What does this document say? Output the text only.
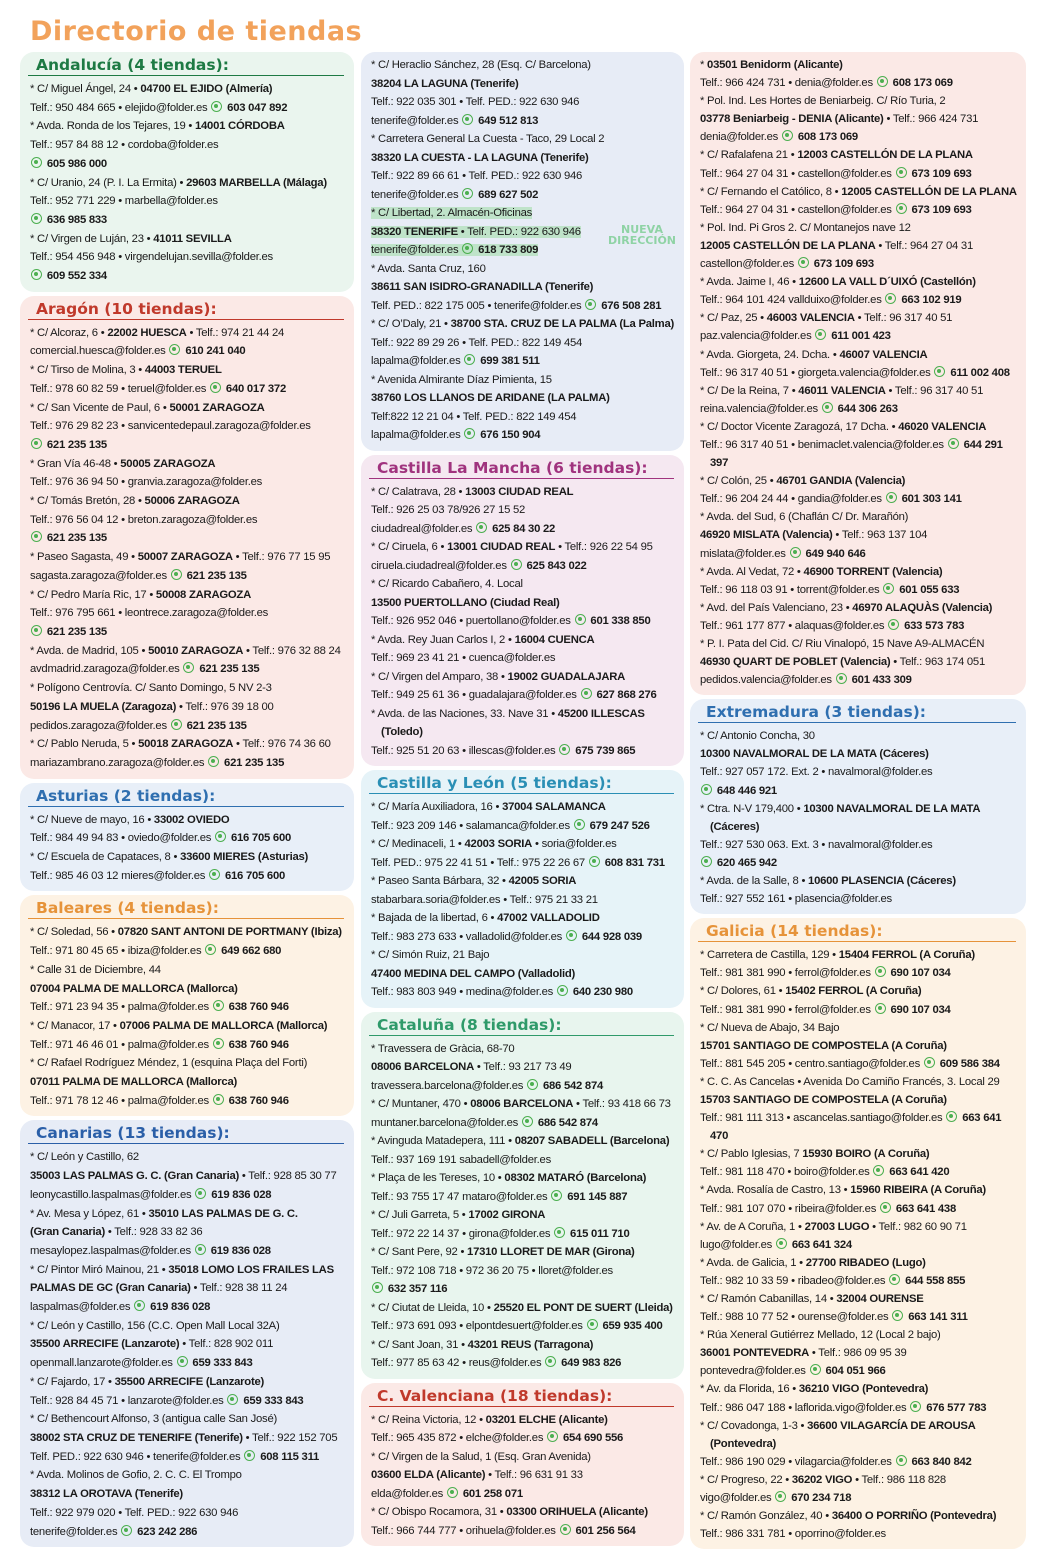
Directorio de tiendas
Andalucía (4 tiendas):
* C/ Miguel Ángel, 24 • 04700 EL EJIDO (Almería)
Telf.: 950 484 665 • elejido@folder.es  603 047 892
* Avda. Ronda de los Tejares, 19 • 14001 CÓRDOBA
Telf.: 957 84 88 12 • cordoba@folder.es
605 986 000
* C/ Uranio, 24 (P. I. La Ermita) • 29603 MARBELLA (Málaga)
Telf.: 952 771 229 • marbella@folder.es
636 985 833
* C/ Virgen de Luján, 23 • 41011 SEVILLA
Telf.: 954 456 948 • virgendelujan.sevilla@folder.es
609 552 334
Aragón (10 tiendas):
* C/ Alcoraz, 6 • 22002 HUESCA • Telf.: 974 21 44 24
comercial.huesca@folder.es  610 241 040
* C/ Tirso de Molina, 3 • 44003 TERUEL
Telf.: 978 60 82 59 • teruel@folder.es  640 017 372
* C/ San Vicente de Paul, 6 • 50001 ZARAGOZA
Telf.: 976 29 82 23 • sanvicentedepaul.zaragoza@folder.es
621 235 135
* Gran Vía 46-48 • 50005 ZARAGOZA
Telf.: 976 36 94 50 • granvia.zaragoza@folder.es
* C/ Tomás Bretón, 28 • 50006 ZARAGOZA
Telf.: 976 56 04 12 • breton.zaragoza@folder.es
621 235 135
* Paseo Sagasta, 49 • 50007 ZARAGOZA • Telf.: 976 77 15 95
sagasta.zaragoza@folder.es  621 235 135
* C/ Pedro María Ric, 17 • 50008 ZARAGOZA
Telf.: 976 795 661 • leontrece.zaragoza@folder.es
621 235 135
* Avda. de Madrid, 105 • 50010 ZARAGOZA • Telf.: 976 32 88 24
avdmadrid.zaragoza@folder.es  621 235 135
* Polígono Centrovía. C/ Santo Domingo, 5 NV 2-3
50196 LA MUELA (Zaragoza) • Telf.: 976 39 18 00
pedidos.zaragoza@folder.es  621 235 135
* C/ Pablo Neruda, 5 • 50018 ZARAGOZA • Telf.: 976 74 36 60
mariazambrano.zaragoza@folder.es  621 235 135
Asturias (2 tiendas):
* C/ Nueve de mayo, 16 • 33002 OVIEDO
Telf.: 984 49 94 83 • oviedo@folder.es  616 705 600
* C/ Escuela de Capataces, 8 • 33600 MIERES (Asturias)
Telf.: 985 46 03 12 mieres@folder.es  616 705 600
Baleares (4 tiendas):
* C/ Soledad, 56 • 07820 SANT ANTONI DE PORTMANY (Ibiza)
Telf.: 971 80 45 65 • ibiza@folder.es  649 662 680
* Calle 31 de Diciembre, 44
07004 PALMA DE MALLORCA (Mallorca)
Telf.: 971 23 94 35 • palma@folder.es  638 760 946
* C/ Manacor, 17 • 07006 PALMA DE MALLORCA (Mallorca)
Telf.: 971 46 46 01 • palma@folder.es  638 760 946
* C/ Rafael Rodríguez Méndez, 1 (esquina Plaça del Forti)
07011 PALMA DE MALLORCA (Mallorca)
Telf.: 971 78 12 46 • palma@folder.es  638 760 946
Canarias (13 tiendas):
* C/ León y Castillo, 62
35003 LAS PALMAS G. C. (Gran Canaria) • Telf.: 928 85 30 77
leonycastillo.laspalmas@folder.es  619 836 028
* Av. Mesa y López, 61 • 35010 LAS PALMAS DE G. C.
(Gran Canaria) • Telf.: 928 33 82 36
mesaylopez.laspalmas@folder.es  619 836 028
* C/ Pintor Miró Mainou, 21 • 35018 LOMO LOS FRAILES LAS
PALMAS DE GC (Gran Canaria) • Telf.: 928 38 11 24
laspalmas@folder.es  619 836 028
* C/ León y Castillo, 156 (C.C. Open Mall Local 32A)
35500 ARRECIFE (Lanzarote) • Telf.: 828 902 011
openmall.lanzarote@folder.es  659 333 843
* C/ Fajardo, 17 • 35500 ARRECIFE (Lanzarote)
Telf.: 928 84 45 71 • lanzarote@folder.es  659 333 843
* C/ Bethencourt Alfonso, 3 (antigua calle San José)
38002 STA CRUZ DE TENERIFE (Tenerife) • Telf.: 922 152 705
Telf. PED.: 922 630 946 • tenerife@folder.es  608 115 311
* Avda. Molinos de Gofio, 2. C. C. El Trompo
38312 LA OROTAVA (Tenerife)
Telf.: 922 979 020 • Telf. PED.: 922 630 946
tenerife@folder.es  623 242 286
* C/ Heraclio Sánchez, 28 (Esq. C/ Barcelona)
38204 LA LAGUNA (Tenerife)
Telf.: 922 035 301 • Telf. PED.: 922 630 946
tenerife@folder.es  649 512 813
* Carretera General La Cuesta - Taco, 29 Local 2
38320 LA CUESTA - LA LAGUNA (Tenerife)
Telf.: 922 89 66 61 • Telf. PED.: 922 630 946
tenerife@folder.es  689 627 502
* C/ Libertad, 2. Almacén-Oficinas
38320 TENERIFE • Telf. PED.: 922 630 946
tenerife@folder.es  618 733 809
* Avda. Santa Cruz, 160
38611 SAN ISIDRO-GRANADILLA (Tenerife)
Telf. PED.: 822 175 005 • tenerife@folder.es  676 508 281
* C/ O’Daly, 21 • 38700 STA. CRUZ DE LA PALMA (La Palma)
Telf.: 922 89 29 26 • Telf. PED.: 822 149 454
lapalma@folder.es  699 381 511
* Avenida Almirante Díaz Pimienta, 15
38760 LOS LLANOS DE ARIDANE (LA PALMA)
Telf:822 12 21 04 • Telf. PED.: 822 149 454
lapalma@folder.es  676 150 904
Castilla La Mancha (6 tiendas):
* C/ Calatrava, 28 • 13003 CIUDAD REAL
Telf.: 926 25 03 78/926 27 15 52
ciudadreal@folder.es  625 84 30 22
* C/ Ciruela, 6 • 13001 CIUDAD REAL • Telf.: 926 22 54 95
ciruela.ciudadreal@folder.es  625 843 022
* C/ Ricardo Cabañero, 4. Local
13500 PUERTOLLANO (Ciudad Real)
Telf.: 926 952 046 • puertollano@folder.es  601 338 850
* Avda. Rey Juan Carlos I, 2 • 16004 CUENCA
Telf.: 969 23 41 21 • cuenca@folder.es
* C/ Virgen del Amparo, 38 • 19002 GUADALAJARA
Telf.: 949 25 61 36 • guadalajara@folder.es  627 868 276
* Avda. de las Naciones, 33. Nave 31 • 45200 ILLESCAS (Toledo)
Telf.: 925 51 20 63 • illescas@folder.es  675 739 865
Castilla y León (5 tiendas):
* C/ María Auxiliadora, 16 • 37004 SALAMANCA
Telf.: 923 209 146 • salamanca@folder.es  679 247 526
* C/ Medinaceli, 1 • 42003 SORIA • soria@folder.es
Telf. PED.: 975 22 41 51 • Telf.: 975 22 26 67  608 831 731
* Paseo Santa Bárbara, 32 • 42005 SORIA
stabarbara.soria@folder.es • Telf.: 975 21 33 21
* Bajada de la libertad, 6 • 47002 VALLADOLID
Telf.: 983 273 633 • valladolid@folder.es  644 928 039
* C/ Simón Ruiz, 21 Bajo
47400 MEDINA DEL CAMPO (Valladolid)
Telf.: 983 803 949 • medina@folder.es  640 230 980
Cataluña (8 tiendas):
* Travessera de Gràcia, 68-70
08006 BARCELONA • Telf.: 93 217 73 49
travessera.barcelona@folder.es  686 542 874
* C/ Muntaner, 470 • 08006 BARCELONA • Telf.: 93 418 66 73
muntaner.barcelona@folder.es  686 542 874
* Avinguda Matadepera, 111 • 08207 SABADELL (Barcelona)
Telf.: 937 169 191 sabadell@folder.es
* Plaça de les Tereses, 10 • 08302 MATARÓ (Barcelona)
Telf.: 93 755 17 47 mataro@folder.es  691 145 887
* C/ Juli Garreta, 5 • 17002 GIRONA
Telf.: 972 22 14 37 • girona@folder.es  615 011 710
* C/ Sant Pere, 92 • 17310 LLORET DE MAR (Girona)
Telf.: 972 108 718 • 972 36 20 75 • lloret@folder.es
632 357 116
* C/ Ciutat de Lleida, 10 • 25520 EL PONT DE SUERT (Lleida)
Telf.: 973 691 093 • elpontdesuert@folder.es  659 935 400
* C/ Sant Joan, 31 • 43201 REUS (Tarragona)
Telf.: 977 85 63 42 • reus@folder.es  649 983 826
C. Valenciana (18 tiendas):
* C/ Reina Victoria, 12 • 03201 ELCHE (Alicante)
Telf.: 965 435 872 • elche@folder.es  654 690 556
* C/ Virgen de la Salud, 1 (Esq. Gran Avenida)
03600 ELDA (Alicante) • Telf.: 96 631 91 33
elda@folder.es  601 258 071
* C/ Obispo Rocamora, 31 • 03300 ORIHUELA (Alicante)
Telf.: 966 744 777 • orihuela@folder.es  601 256 564
* 03501 Benidorm (Alicante)
Telf.: 966 424 731 • denia@folder.es  608 173 069
* Pol. Ind. Les Hortes de Beniarbeig. C/ Río Turia, 2
03778 Beniarbeig - DENIA (Alicante) • Telf.: 966 424 731
denia@folder.es  608 173 069
* C/ Rafalafena 21 • 12003 CASTELLÓN DE LA PLANA
Telf.: 964 27 04 31 • castellon@folder.es  673 109 693
* C/ Fernando el Católico, 8 • 12005 CASTELLÓN DE LA PLANA
Telf.: 964 27 04 31 • castellon@folder.es  673 109 693
* Pol. Ind. Pi Gros 2. C/ Montanejos nave 12
12005 CASTELLÓN DE LA PLANA • Telf.: 964 27 04 31
castellon@folder.es  673 109 693
* Avda. Jaime I, 46 • 12600 LA VALL D´UIXÓ (Castellón)
Telf.: 964 101 424 vallduixo@folder.es  663 102 919
* C/ Paz, 25 • 46003 VALENCIA • Telf.: 96 317 40 51
paz.valencia@folder.es  611 001 423
* Avda. Giorgeta, 24. Dcha. • 46007 VALENCIA
Telf.: 96 317 40 51 • giorgeta.valencia@folder.es  611 002 408
* C/ De la Reina, 7 • 46011 VALENCIA • Telf.: 96 317 40 51
reina.valencia@folder.es  644 306 263
* C/ Doctor Vicente Zaragozá, 17 Dcha. • 46020 VALENCIA
Telf.: 96 317 40 51 • benimaclet.valencia@folder.es  644 291 397
* C/ Colón, 25 • 46701 GANDIA (Valencia)
Telf.: 96 204 24 44 • gandia@folder.es  601 303 141
* Avda. del Sud, 6 (Chaflán C/ Dr. Marañón)
46920 MISLATA (Valencia) • Telf.: 963 137 104
mislata@folder.es  649 940 646
* Avda. Al Vedat, 72 • 46900 TORRENT (Valencia)
Telf.: 96 118 03 91 • torrent@folder.es  601 055 633
* Avd. del País Valenciano, 23 • 46970 ALAQUÀS (Valencia)
Telf.: 961 177 877 • alaquas@folder.es  633 573 783
* P. I. Pata del Cid. C/ Riu Vinalopó, 15 Nave A9-ALMACÉN
46930 QUART DE POBLET (Valencia) • Telf.: 963 174 051
pedidos.valencia@folder.es  601 433 309
Extremadura (3 tiendas):
* C/ Antonio Concha, 30
10300 NAVALMORAL DE LA MATA (Cáceres)
Telf.: 927 057 172. Ext. 2 • navalmoral@folder.es
648 446 921
* Ctra. N-V 179,400 • 10300 NAVALMORAL DE LA MATA (Cáceres)
Telf.: 927 530 063. Ext. 3 • navalmoral@folder.es
620 465 942
* Avda. de la Salle, 8 • 10600 PLASENCIA (Cáceres)
Telf.: 927 552 161 • plasencia@folder.es
Galicia (14 tiendas):
* Carretera de Castilla, 129 • 15404 FERROL (A Coruña)
Telf.: 981 381 990 • ferrol@folder.es  690 107 034
* C/ Dolores, 61 • 15402 FERROL (A Coruña)
Telf.: 981 381 990 • ferrol@folder.es  690 107 034
* C/ Nueva de Abajo, 34 Bajo
15701 SANTIAGO DE COMPOSTELA (A Coruña)
Telf.: 881 545 205 • centro.santiago@folder.es  609 586 384
* C. C. As Cancelas • Avenida Do Camiño Francés, 3. Local 29
15703 SANTIAGO DE COMPOSTELA (A Coruña)
Telf.: 981 111 313 • ascancelas.santiago@folder.es  663 641 470
* C/ Pablo Iglesias, 7 15930 BOIRO (A Coruña)
Telf.: 981 118 470 • boiro@folder.es  663 641 420
* Avda. Rosalía de Castro, 13 • 15960 RIBEIRA (A Coruña)
Telf.: 981 107 070 • ribeira@folder.es  663 641 438
* Av. de A Coruña, 1 • 27003 LUGO • Telf.: 982 60 90 71
lugo@folder.es  663 641 324
* Avda. de Galicia, 1 • 27700 RIBADEO (Lugo)
Telf.: 982 10 33 59 • ribadeo@folder.es  644 558 855
* C/ Ramón Cabanillas, 14 • 32004 OURENSE
Telf.: 988 10 77 52 • ourense@folder.es  663 141 311
* Rúa Xeneral Gutiérrez Mellado, 12 (Local 2 bajo)
36001 PONTEVEDRA • Telf.: 986 09 95 39
pontevedra@folder.es  604 051 966
* Av. da Florida, 16 • 36210 VIGO (Pontevedra)
Telf.: 986 047 188 • laflorida.vigo@folder.es  676 577 783
* C/ Covadonga, 1-3 • 36600 VILAGARCÍA DE AROUSA (Pontevedra)
Telf.: 986 190 029 • vilagarcia@folder.es  663 840 842
* C/ Progreso, 22 • 36202 VIGO • Telf.: 986 118 828
vigo@folder.es  670 234 718
* C/ Ramón González, 40 • 36400 O PORRIÑO (Pontevedra)
Telf.: 986 331 781 • oporrino@folder.es
NUEVA
DIRECCIÓN
